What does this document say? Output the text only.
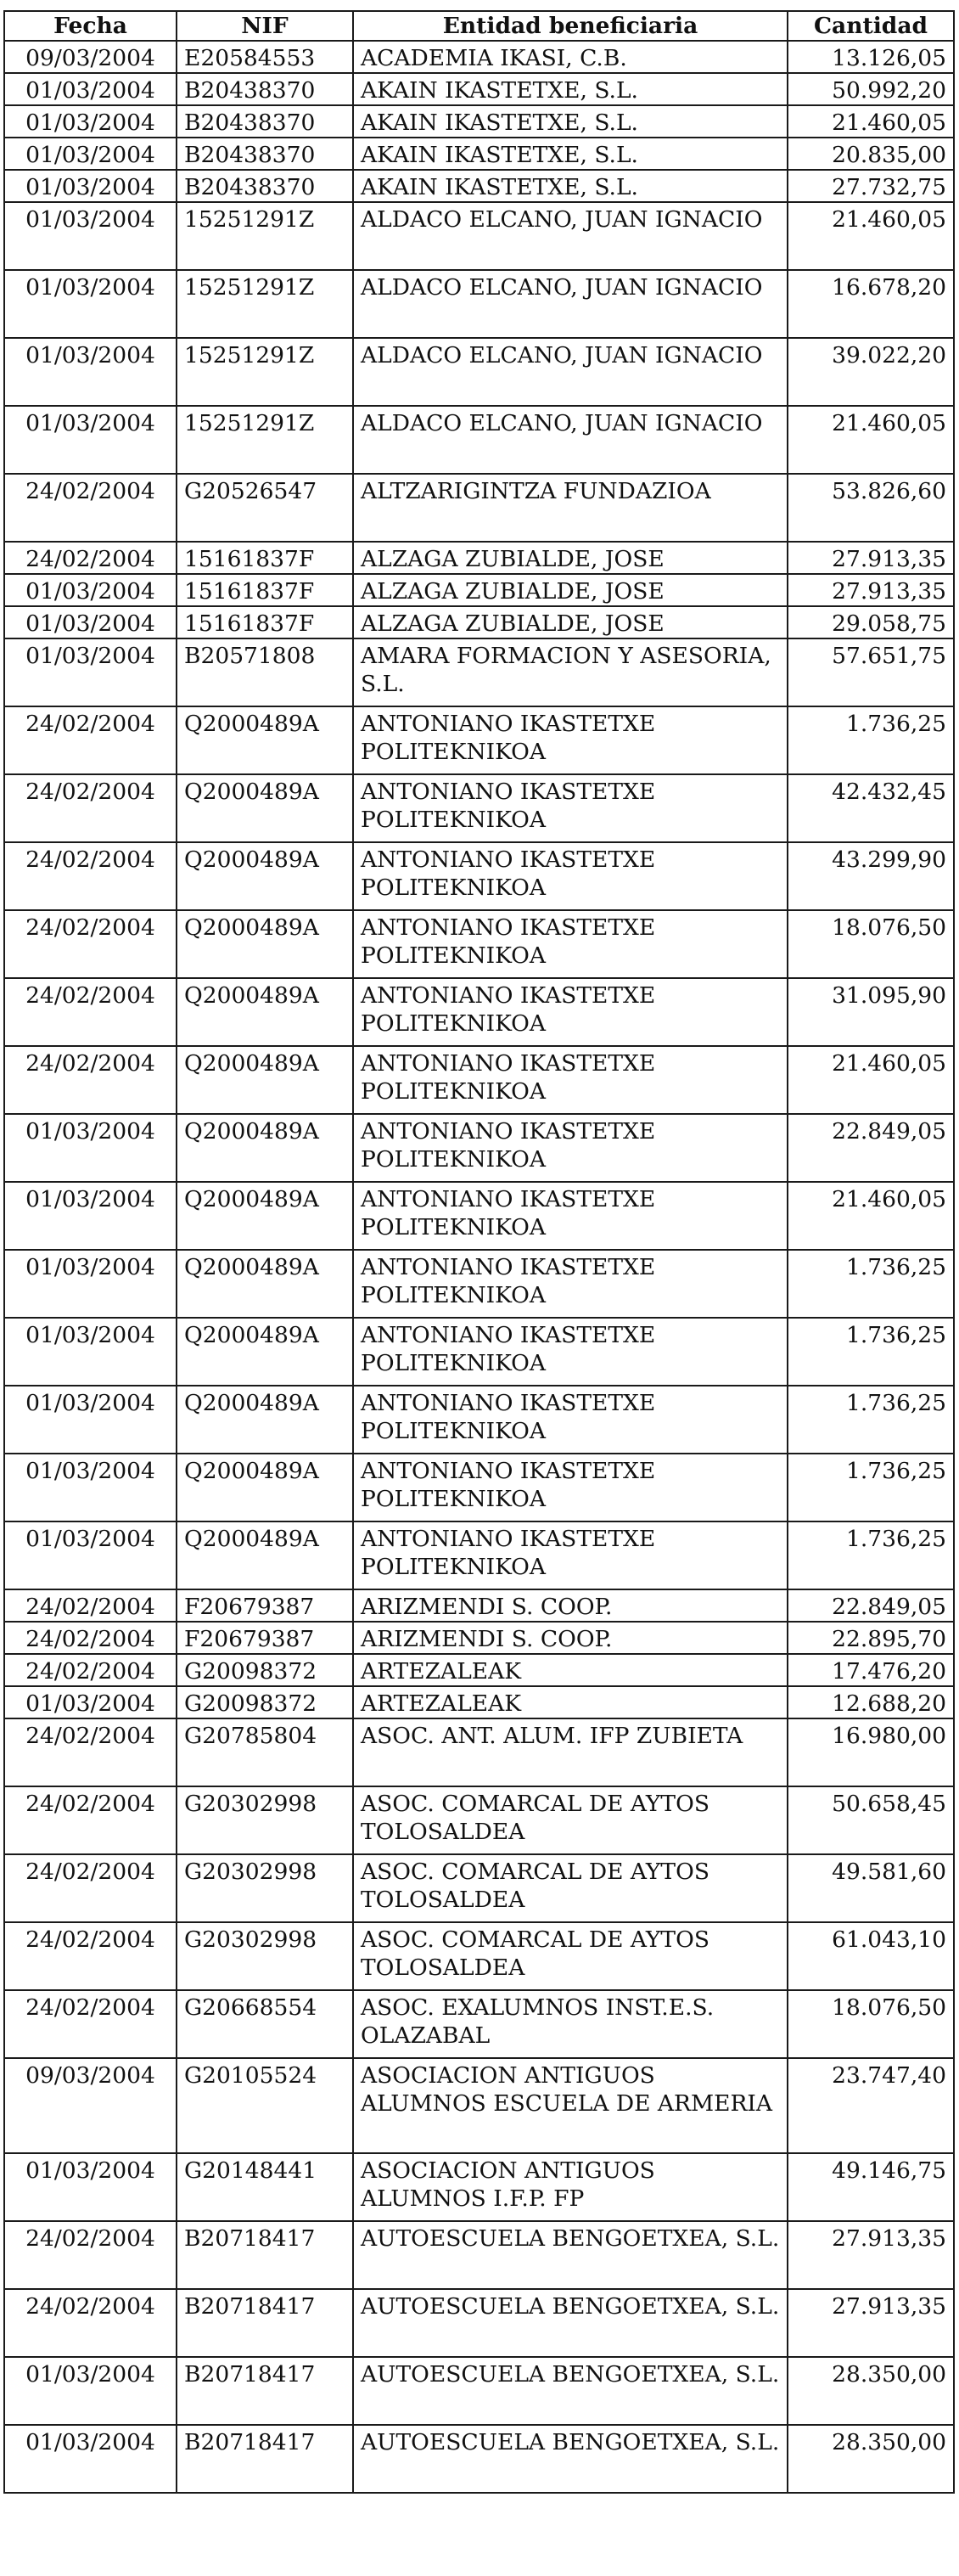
Fecha	NIF	Entidad beneficiaria	Cantidad
09/03/2004	E20584553	ACADEMIA IKASI, C.B.	13.126,05
01/03/2004	B20438370	AKAIN IKASTETXE, S.L.	50.992,20
01/03/2004	B20438370	AKAIN IKASTETXE, S.L.	21.460,05
01/03/2004	B20438370	AKAIN IKASTETXE, S.L.	20.835,00
01/03/2004	B20438370	AKAIN IKASTETXE, S.L.	27.732,75
01/03/2004	15251291Z	ALDACO ELCANO, JUAN IGNACIO	21.460,05
01/03/2004	15251291Z	ALDACO ELCANO, JUAN IGNACIO	16.678,20
01/03/2004	15251291Z	ALDACO ELCANO, JUAN IGNACIO	39.022,20
01/03/2004	15251291Z	ALDACO ELCANO, JUAN IGNACIO	21.460,05
24/02/2004	G20526547	ALTZARIGINTZA FUNDAZIOA	53.826,60
24/02/2004	15161837F	ALZAGA ZUBIALDE, JOSE	27.913,35
01/03/2004	15161837F	ALZAGA ZUBIALDE, JOSE	27.913,35
01/03/2004	15161837F	ALZAGA ZUBIALDE, JOSE	29.058,75
01/03/2004	B20571808	AMARA FORMACION Y ASESORIA, S.L.	57.651,75
24/02/2004	Q2000489A	ANTONIANO IKASTETXE POLITEKNIKOA	1.736,25
24/02/2004	Q2000489A	ANTONIANO IKASTETXE POLITEKNIKOA	42.432,45
24/02/2004	Q2000489A	ANTONIANO IKASTETXE POLITEKNIKOA	43.299,90
24/02/2004	Q2000489A	ANTONIANO IKASTETXE POLITEKNIKOA	18.076,50
24/02/2004	Q2000489A	ANTONIANO IKASTETXE POLITEKNIKOA	31.095,90
24/02/2004	Q2000489A	ANTONIANO IKASTETXE POLITEKNIKOA	21.460,05
01/03/2004	Q2000489A	ANTONIANO IKASTETXE POLITEKNIKOA	22.849,05
01/03/2004	Q2000489A	ANTONIANO IKASTETXE POLITEKNIKOA	21.460,05
01/03/2004	Q2000489A	ANTONIANO IKASTETXE POLITEKNIKOA	1.736,25
01/03/2004	Q2000489A	ANTONIANO IKASTETXE POLITEKNIKOA	1.736,25
01/03/2004	Q2000489A	ANTONIANO IKASTETXE POLITEKNIKOA	1.736,25
01/03/2004	Q2000489A	ANTONIANO IKASTETXE POLITEKNIKOA	1.736,25
01/03/2004	Q2000489A	ANTONIANO IKASTETXE POLITEKNIKOA	1.736,25
24/02/2004	F20679387	ARIZMENDI S. COOP.	22.849,05
24/02/2004	F20679387	ARIZMENDI S. COOP.	22.895,70
24/02/2004	G20098372	ARTEZALEAK	17.476,20
01/03/2004	G20098372	ARTEZALEAK	12.688,20
24/02/2004	G20785804	ASOC. ANT. ALUM. IFP ZUBIETA	16.980,00
24/02/2004	G20302998	ASOC. COMARCAL DE AYTOS TOLOSALDEA	50.658,45
24/02/2004	G20302998	ASOC. COMARCAL DE AYTOS TOLOSALDEA	49.581,60
24/02/2004	G20302998	ASOC. COMARCAL DE AYTOS TOLOSALDEA	61.043,10
24/02/2004	G20668554	ASOC. EXALUMNOS INST.E.S. OLAZABAL	18.076,50
09/03/2004	G20105524	ASOCIACION ANTIGUOS ALUMNOS ESCUELA DE ARMERIA	23.747,40
01/03/2004	G20148441	ASOCIACION ANTIGUOS ALUMNOS I.F.P. FP	49.146,75
24/02/2004	B20718417	AUTOESCUELA BENGOETXEA, S.L.	27.913,35
24/02/2004	B20718417	AUTOESCUELA BENGOETXEA, S.L.	27.913,35
01/03/2004	B20718417	AUTOESCUELA BENGOETXEA, S.L.	28.350,00
01/03/2004	B20718417	AUTOESCUELA BENGOETXEA, S.L.	28.350,00
